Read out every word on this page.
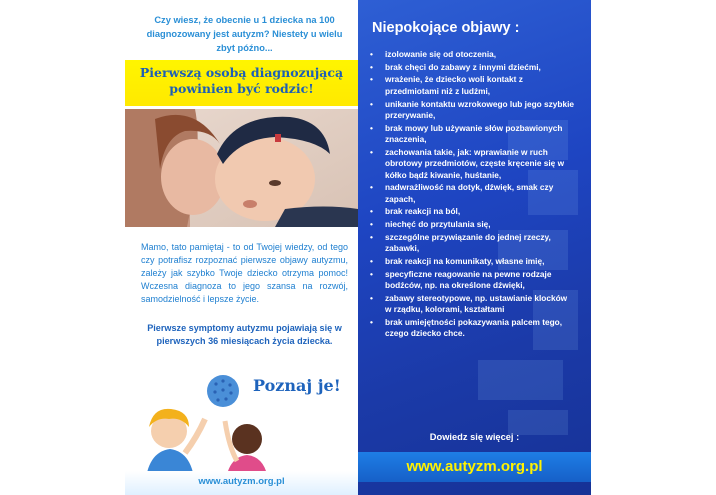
Czy wiesz, że obecnie u 1 dziecka na 100 diagnozowany jest autyzm? Niestety u wielu zbyt późno...
Pierwszą osobą diagnozującą
powinien być rodzic!
Mamo, tato pamiętaj - to od Twojej wiedzy, od tego czy potrafisz rozpoznać pierwsze objawy autyzmu, zależy jak szybko Twoje dziecko otrzyma pomoc! Wczesna diagnoza to jego szansa na rozwój, samodzielność i lepsze życie.
Pierwsze symptomy autyzmu pojawiają się w pierwszych 36 miesiącach życia dziecka.
Poznaj je!
www.autyzm.org.pl
Niepokojące objawy :
• izolowanie się od otoczenia,
• brak chęci do zabawy z innymi dziećmi,
• wrażenie, że dziecko woli kontakt z przedmiotami niż z ludźmi,
• unikanie kontaktu wzrokowego lub jego szybkie przerywanie,
• brak mowy lub używanie słów pozbawionych znaczenia,
• zachowania takie, jak: wprawianie w ruch obrotowy przedmiotów, częste kręcenie się w kółko bądź kiwanie, huśtanie,
• nadwrażliwość na dotyk, dźwięk, smak czy zapach,
• brak reakcji na ból,
• niechęć do przytulania się,
• szczególne przywiązanie do jednej rzeczy, zabawki,
• brak reakcji na komunikaty, własne imię,
• specyficzne reagowanie na pewne rodzaje bodźców, np. na określone dźwięki,
• zabawy stereotypowe, np. ustawianie klocków w rządku, kolorami, kształtami
• brak umiejętności pokazywania palcem tego, czego dziecko chce.
Dowiedz się więcej :
www.autyzm.org.pl
